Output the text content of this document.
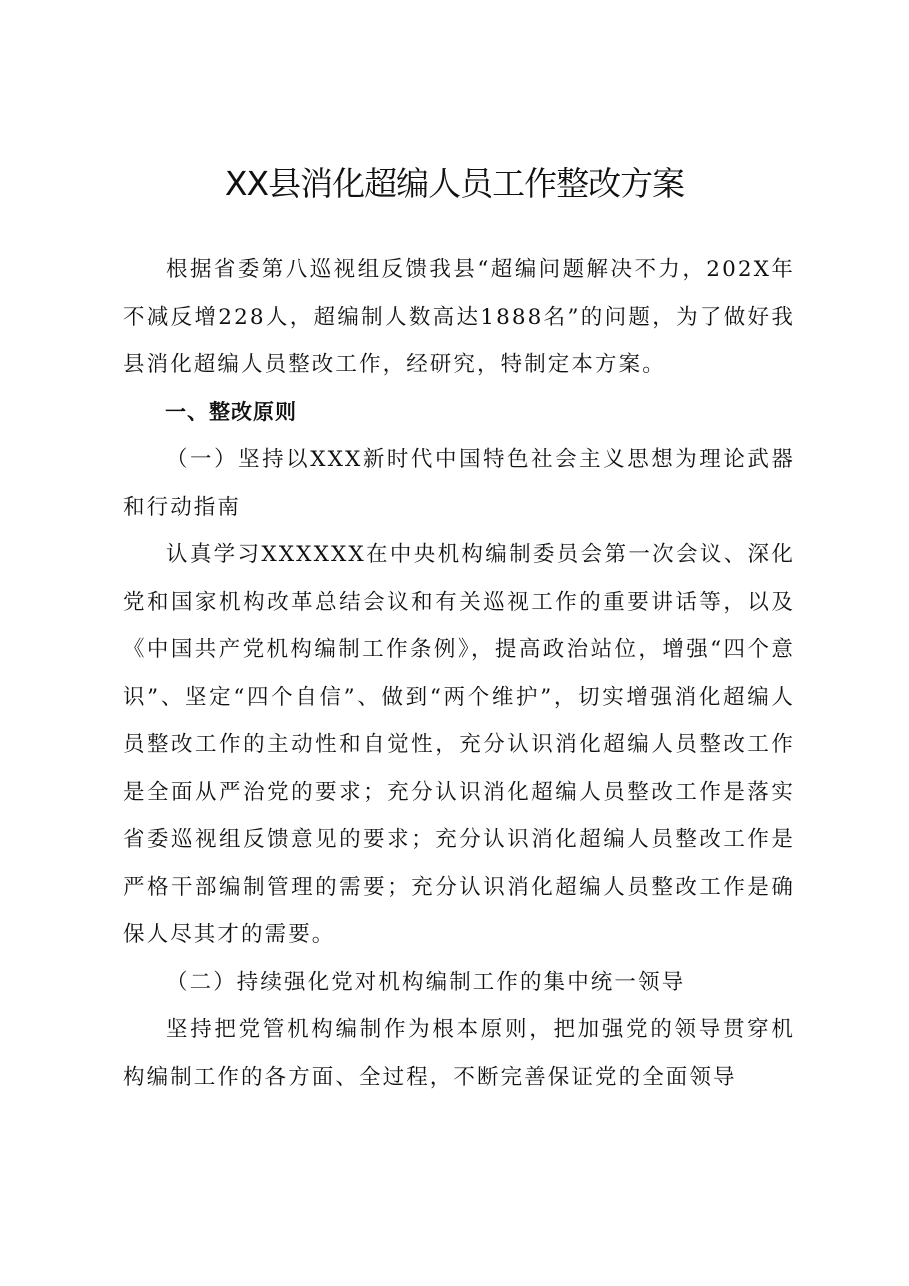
XX县消化超编人员工作整改方案

根据省委第八巡视组反馈我县“超编问题解决不力，202X年不减反增228人，超编制人数高达1888名”的问题，为了做好我县消化超编人员整改工作，经研究，特制定本方案。

一、整改原则

（一）坚持以XXX新时代中国特色社会主义思想为理论武器和行动指南

认真学习XXXXXX在中央机构编制委员会第一次会议、深化党和国家机构改革总结会议和有关巡视工作的重要讲话等，以及《中国共产党机构编制工作条例》，提高政治站位，增强“四个意识”、坚定“四个自信”、做到“两个维护”，切实增强消化超编人员整改工作的主动性和自觉性，充分认识消化超编人员整改工作是全面从严治党的要求；充分认识消化超编人员整改工作是落实省委巡视组反馈意见的要求；充分认识消化超编人员整改工作是严格干部编制管理的需要；充分认识消化超编人员整改工作是确保人尽其才的需要。

（二）持续强化党对机构编制工作的集中统一领导

坚持把党管机构编制作为根本原则，把加强党的领导贯穿机构编制工作的各方面、全过程，不断完善保证党的全面领导
